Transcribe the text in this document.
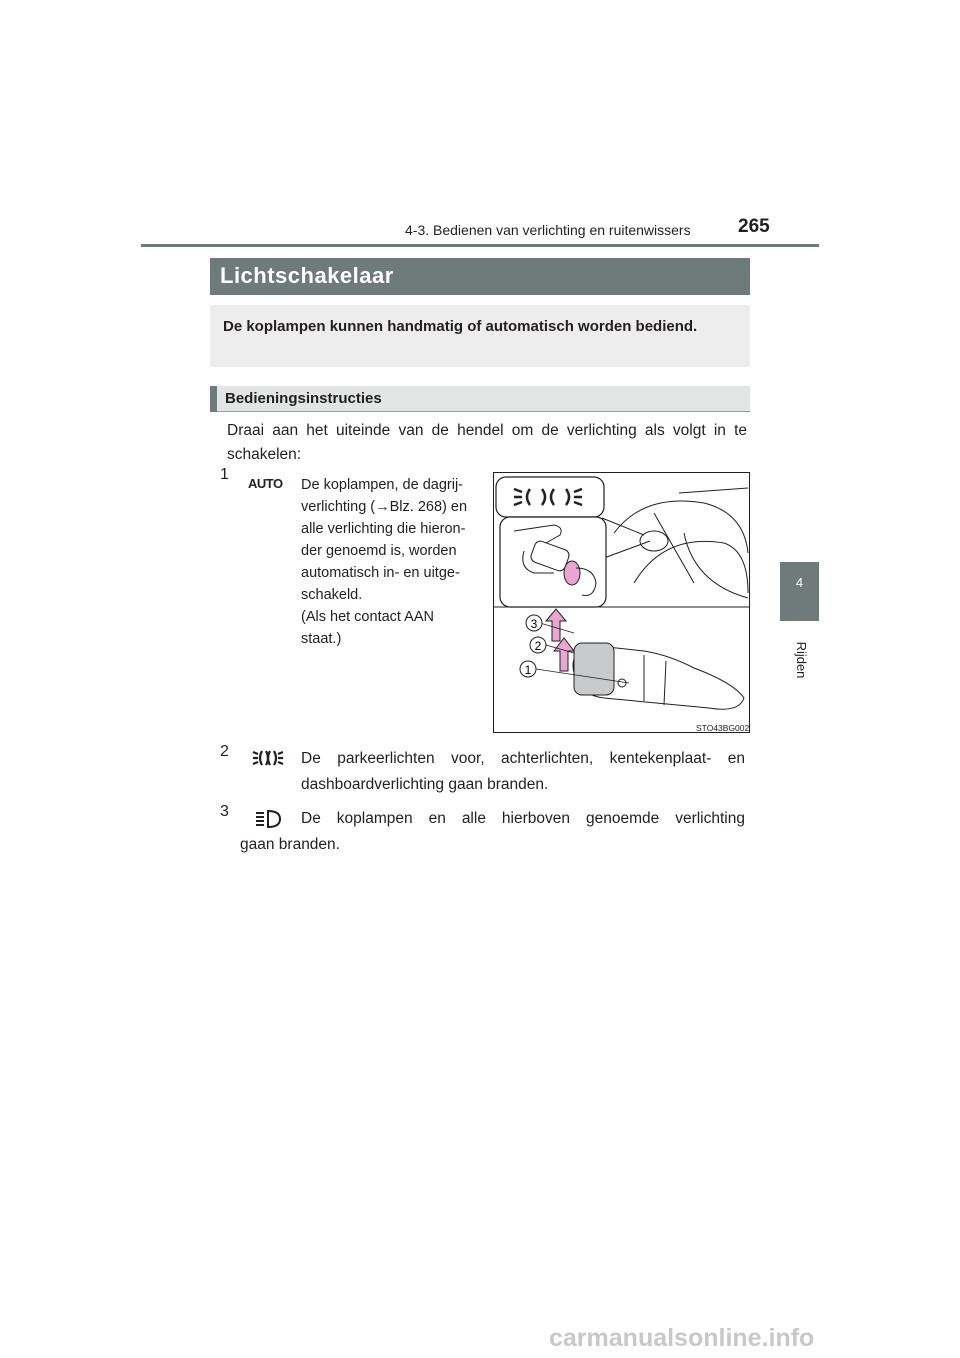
4-3. Bedienen van verlichting en ruitenwissers 265
4
Rijden
Lichtschakelaar
De koplampen kunnen handmatig of automatisch worden bediend.
Bedieningsinstructies
Draai aan het uiteinde van de hendel om de verlichting als volgt in te schakelen:
1
AUTO De koplampen, de dagrij-
verlichting (→Blz. 268) en
alle verlichting die hieron-
der genoemd is, worden
automatisch in- en uitge-
schakeld.
(Als het contact AAN
staat.)
3
2
1
STO43BG002
2	De parkeerlichten voor, achterlichten, kentekenplaat- en dashboardverlichting gaan branden.
3	De koplampen en alle hierboven genoemde verlichting
gaan branden.
carmanualsonline.info
